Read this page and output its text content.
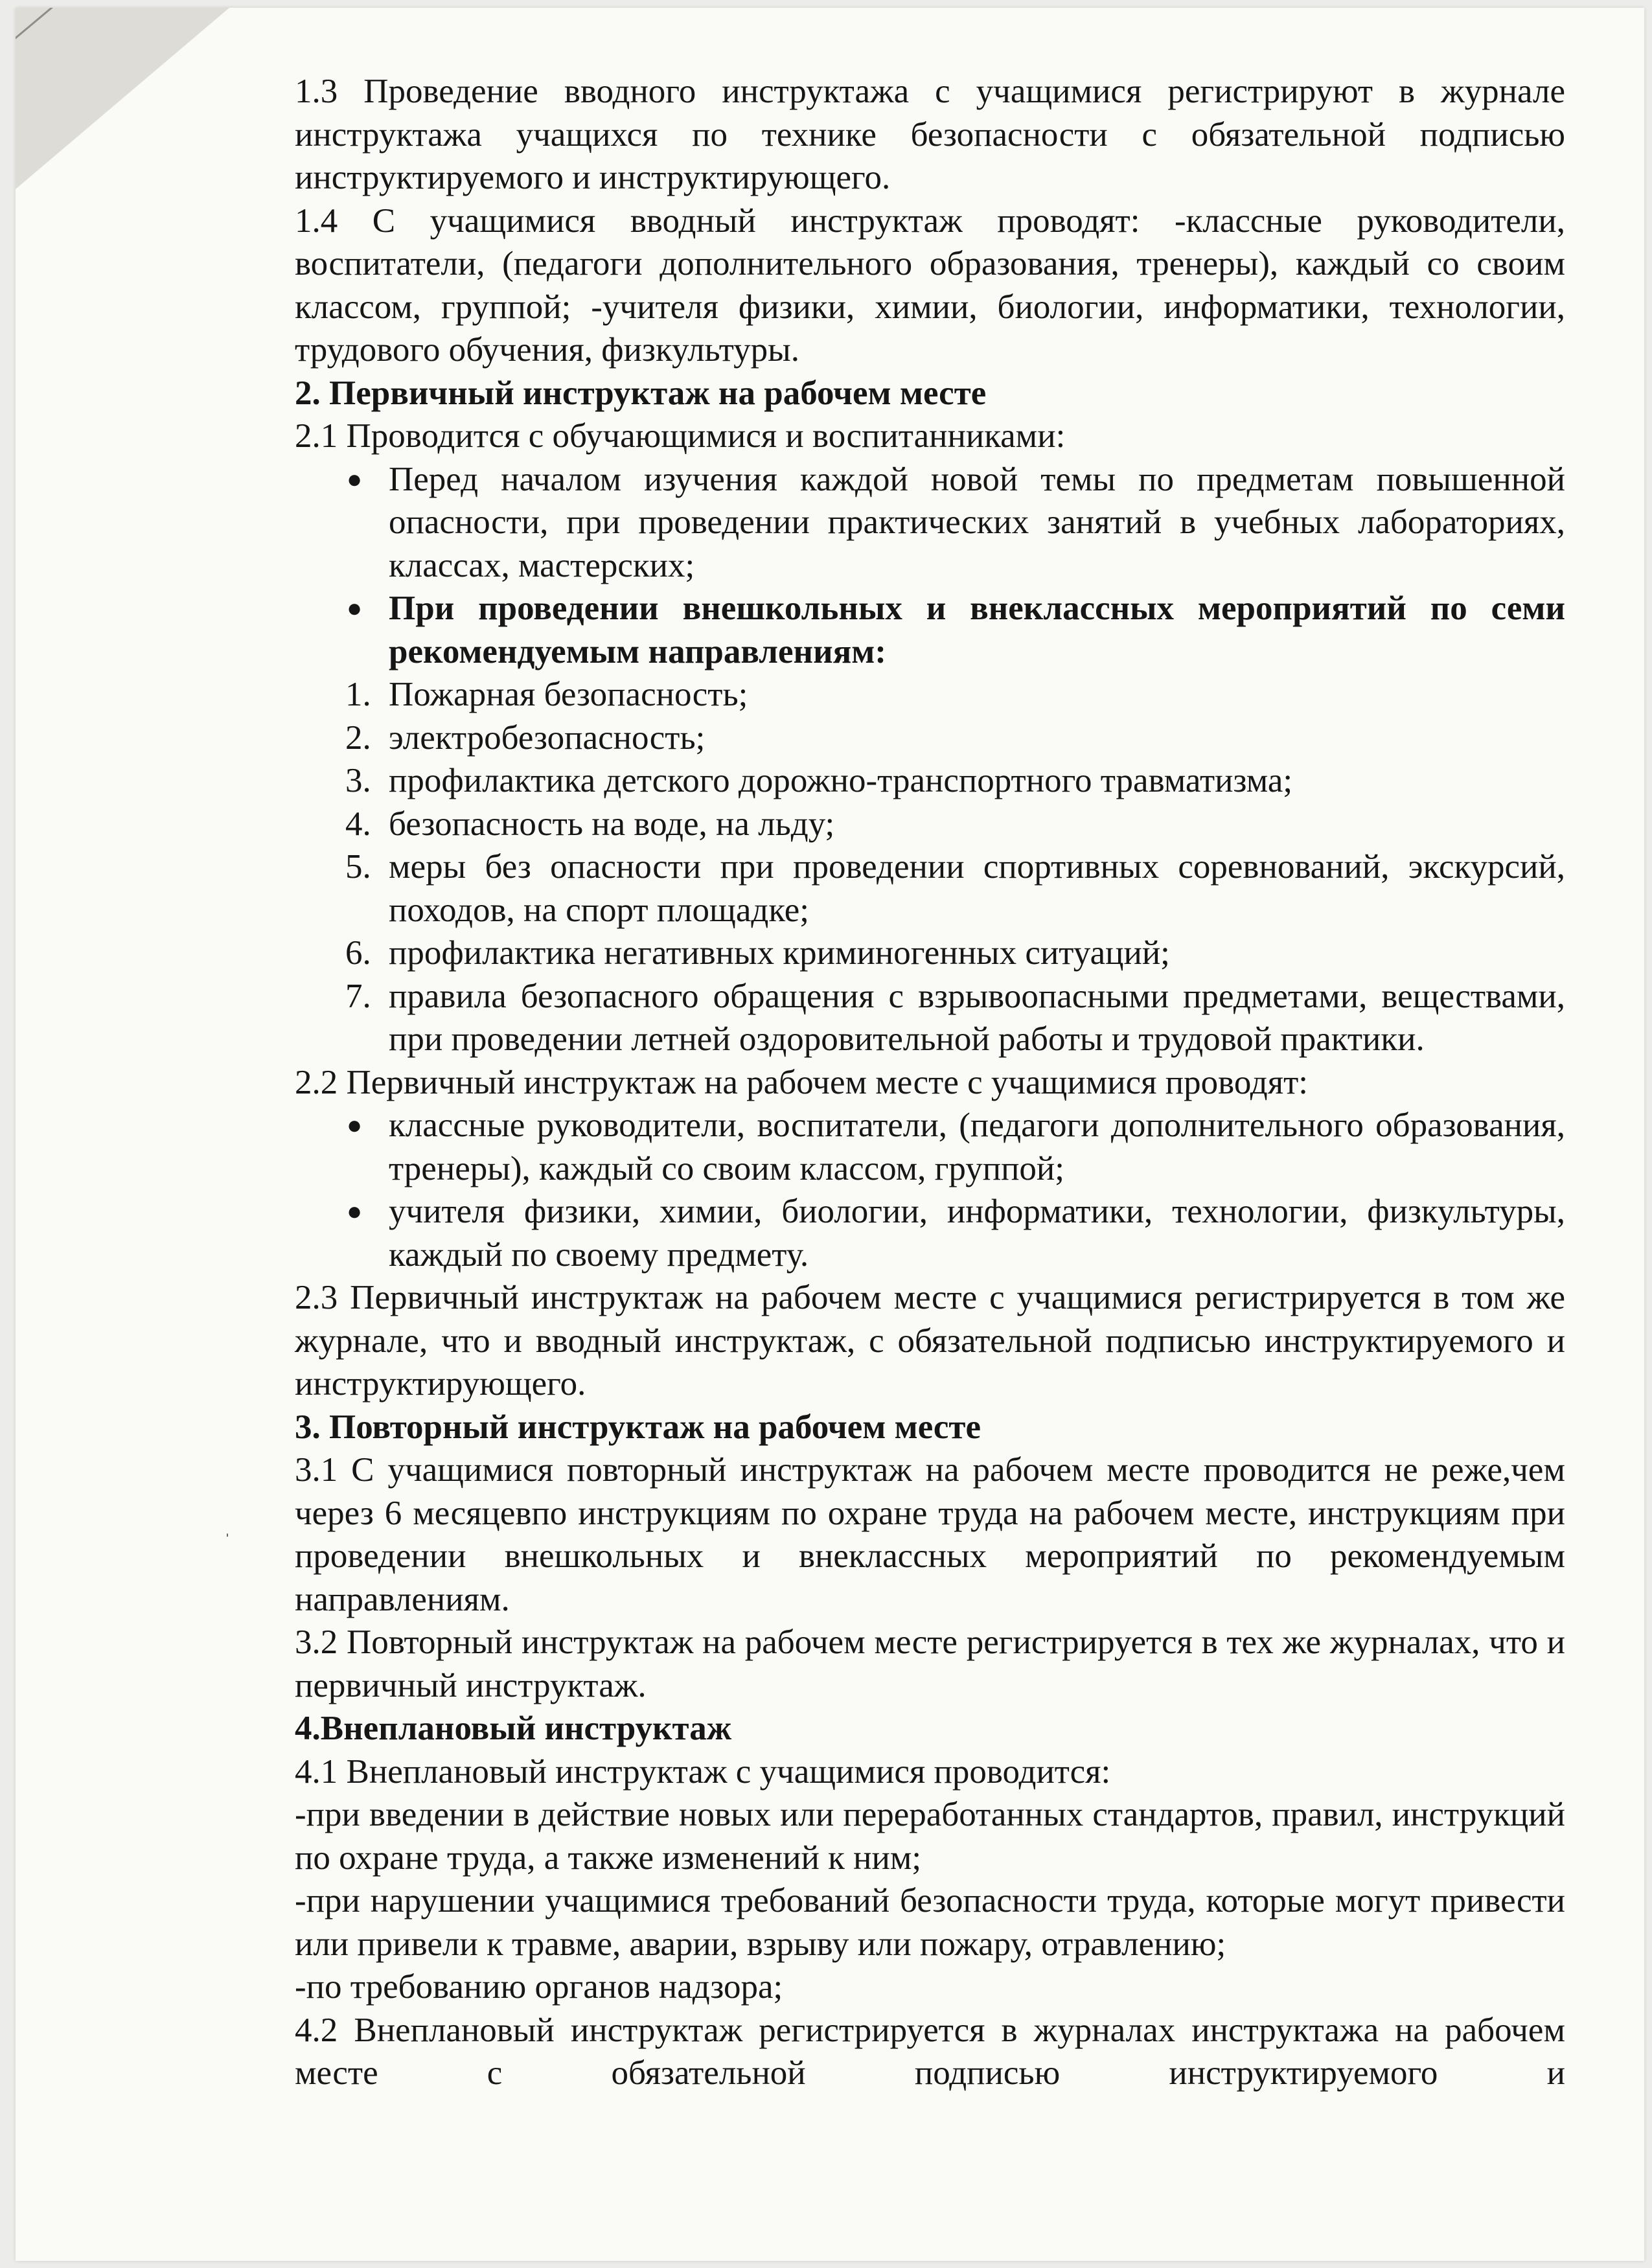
1.3 Проведение вводного инструктажа с учащимися регистрируют в журнале инструктажа учащихся по технике безопасности с обязательной подписью инструктируемого и инструктирующего.

1.4 С учащимися вводный инструктаж проводят: -классные руководители, воспитатели, (педагоги дополнительного образования, тренеры), каждый со своим классом, группой; -учителя физики, химии, биологии, информатики, технологии, трудового обучения, физкультуры.

2. Первичный инструктаж на рабочем месте

2.1 Проводится с обучающимися и воспитанниками:

● Перед началом изучения каждой новой темы по предметам повышенной опасности, при проведении практических занятий в учебных лабораториях, классах, мастерских;
● При проведении внешкольных и внеклассных мероприятий по семи рекомендуемым направлениям:
1. Пожарная безопасность;
2. электробезопасность;
3. профилактика детского дорожно-транспортного травматизма;
4. безопасность на воде, на льду;
5. меры без опасности при проведении спортивных соревнований, экскурсий, походов, на спорт площадке;
6. профилактика негативных криминогенных ситуаций;
7. правила безопасного обращения с взрывоопасными предметами, веществами, при проведении летней оздоровительной работы и трудовой практики.

2.2 Первичный инструктаж на рабочем месте с учащимися проводят:

● классные руководители, воспитатели, (педагоги дополнительного образования, тренеры), каждый со своим классом, группой;
● учителя физики, химии, биологии, информатики, технологии, физкультуры, каждый по своему предмету.

2.3 Первичный инструктаж на рабочем месте с учащимися регистрируется в том же журнале, что и вводный инструктаж, с обязательной подписью инструктируемого и инструктирующего.

3. Повторный инструктаж на рабочем месте

3.1 С учащимися повторный инструктаж на рабочем месте проводится не реже,чем через 6 месяцевпо инструкциям по охране труда на рабочем месте, инструкциям при проведении внешкольных и внеклассных мероприятий по рекомендуемым направлениям.

3.2 Повторный инструктаж на рабочем месте регистрируется в тех же журналах, что и первичный инструктаж.

4.Внеплановый инструктаж

4.1 Внеплановый инструктаж с учащимися проводится:

-при введении в действие новых или переработанных стандартов, правил, инструкций по охране труда, а также изменений к ним;

-при нарушении учащимися требований безопасности труда, которые могут привести или привели к травме, аварии, взрыву или пожару, отравлению;

-по требованию органов надзора;

4.2 Внеплановый инструктаж регистрируется в журналах инструктажа на рабочем месте с обязательной подписью инструктируемого и

ˈ
